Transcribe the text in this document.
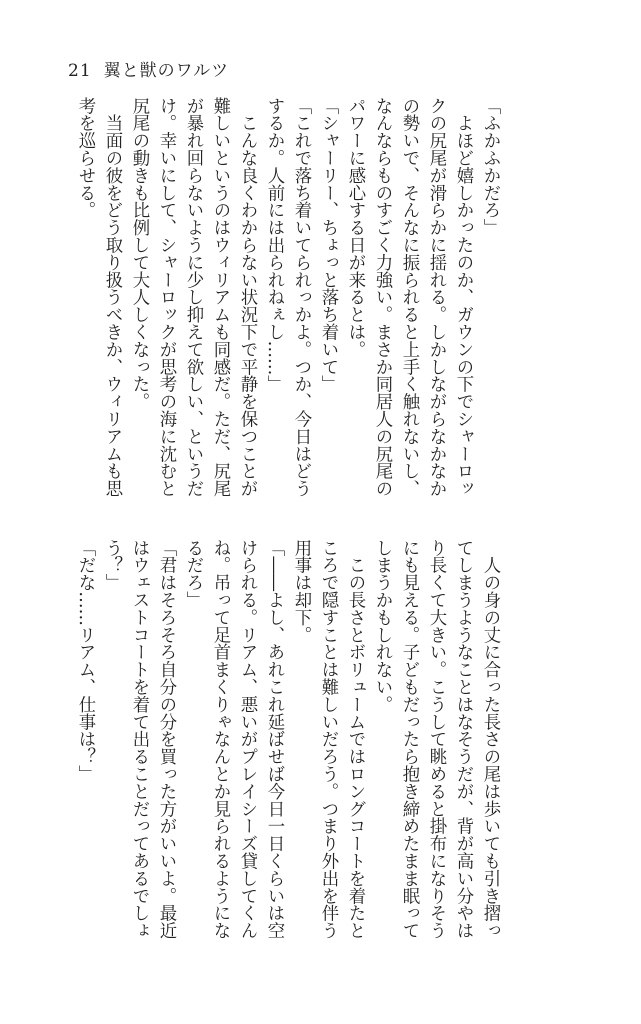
21 翼と獣のワルツ
「ふかふかだろ」
　よほど嬉しかったのか、ガウンの下でシャーロッ
クの尻尾が滑らかに揺れる。しかしながらなかなか
の勢いで、そんなに振られると上手く触れないし、
なんならものすごく力強い。まさか同居人の尻尾の
パワーに感心する日が来るとは。
「シャーリー、ちょっと落ち着いて」
「これで落ち着いてられっかよ。つか、今日はどう
するか。人前には出られねぇし……」
　こんな良くわからない状況下で平静を保つことが
難しいというのはウィリアムも同感だ。ただ、尻尾
が暴れ回らないように少し抑えて欲しい、というだ
け。幸いにして、シャーロックが思考の海に沈むと
尻尾の動きも比例して大人しくなった。
　当面の彼をどう取り扱うべきか、ウィリアムも思
考を巡らせる。
　人の身の丈に合った長さの尾は歩いても引き摺っ
てしまうようなことはなそうだが、背が高い分やは
り長くて大きい。こうして眺めると掛布になりそう
にも見える。子どもだったら抱き締めたまま眠って
しまうかもしれない。
　この長さとボリュームではロングコートを着たと
ころで隠すことは難しいだろう。つまり外出を伴う
用事は却下。
「――よし、あれこれ延ばせば今日一日くらいは空
けられる。リアム、悪いがプレイシーズ貸してくん
ね。吊って足首まくりゃなんとか見られるようにな
るだろ」
「君はそろそろ自分の分を買った方がいいよ。最近
はウェストコートを着て出ることだってあるでしょ
う？」
「だな……リアム、仕事は？」
